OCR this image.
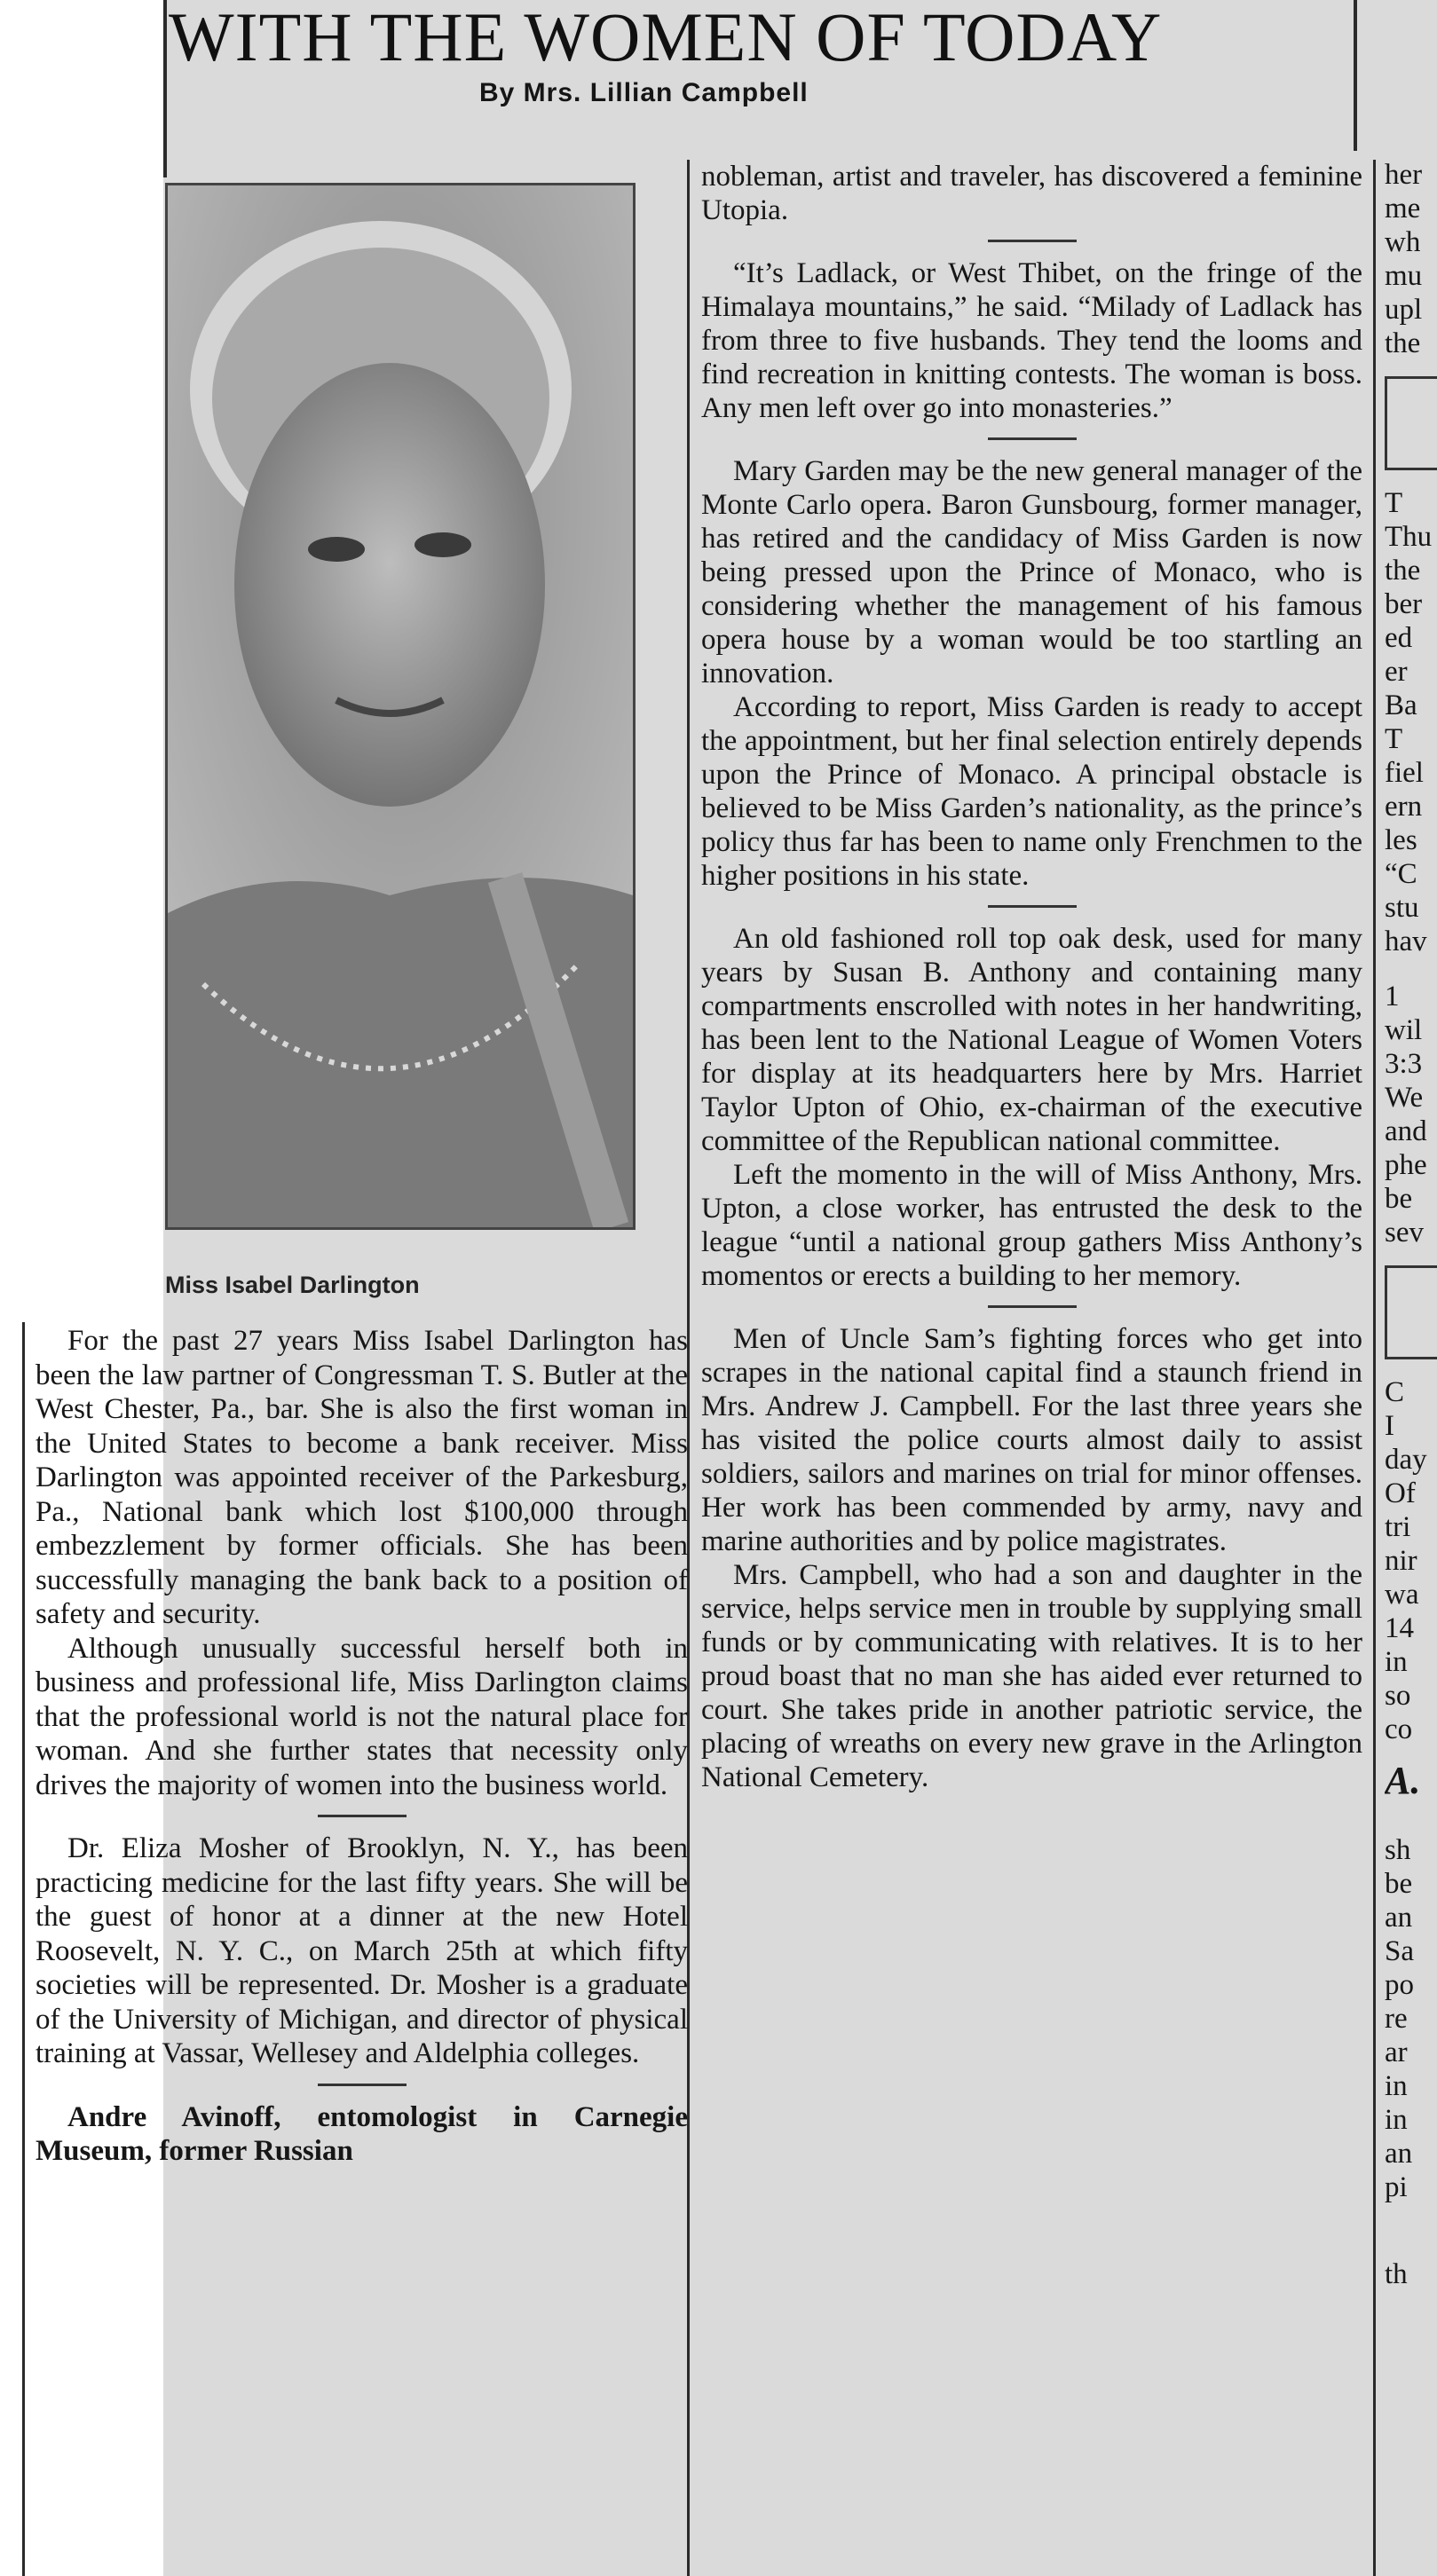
WITH THE WOMEN OF TODAY
By Mrs. Lillian Campbell
Miss Isabel Darlington

For the past 27 years Miss Isabel Darlington has been the law partner of Congressman T. S. Butler at the West Chester, Pa., bar. She is also the first woman in the United States to become a bank receiver. Miss Darlington was appointed receiver of the Parkesburg, Pa., National bank which lost $100,000 through embezzlement by former officials. She has been successfully managing the bank back to a position of safety and security.

Although unusually successful herself both in business and professional life, Miss Darlington claims that the professional world is not the natural place for woman. And she further states that necessity only drives the majority of women into the business world.

Dr. Eliza Mosher of Brooklyn, N. Y., has been practicing medicine for the last fifty years. She will be the guest of honor at a dinner at the new Hotel Roosevelt, N. Y. C., on March 25th at which fifty societies will be represented. Dr. Mosher is a graduate of the University of Michigan, and director of physical training at Vassar, Wellesey and Aldelphia colleges.

Andre Avinoff, entomologist in Carnegie Museum, former Russian

nobleman, artist and traveler, has discovered a feminine Utopia.

“It’s Ladlack, or West Thibet, on the fringe of the Himalaya mountains,” he said. “Milady of Ladlack has from three to five husbands. They tend the looms and find recreation in knitting contests. The woman is boss. Any men left over go into monasteries.”

Mary Garden may be the new general manager of the Monte Carlo opera. Baron Gunsbourg, former manager, has retired and the candidacy of Miss Garden is now being pressed upon the Prince of Monaco, who is considering whether the management of his famous opera house by a woman would be too startling an innovation.

According to report, Miss Garden is ready to accept the appointment, but her final selection entirely depends upon the Prince of Monaco. A principal obstacle is believed to be Miss Garden’s nationality, as the prince’s policy thus far has been to name only Frenchmen to the higher positions in his state.

An old fashioned roll top oak desk, used for many years by Susan B. Anthony and containing many compartments enscrolled with notes in her handwriting, has been lent to the National League of Women Voters for display at its headquarters here by Mrs. Harriet Taylor Upton of Ohio, ex-chairman of the executive committee of the Republican national committee.

Left the momento in the will of Miss Anthony, Mrs. Upton, a close worker, has entrusted the desk to the league “until a national group gathers Miss Anthony’s momentos or erects a building to her memory.

Men of Uncle Sam’s fighting forces who get into scrapes in the national capital find a staunch friend in Mrs. Andrew J. Campbell. For the last three years she has visited the police courts almost daily to assist soldiers, sailors and marines on trial for minor offenses. Her work has been commended by army, navy and marine authorities and by police magistrates.

Mrs. Campbell, who had a son and daughter in the service, helps service men in trouble by supplying small funds or by communicating with relatives. It is to her proud boast that no man she has aided ever returned to court. She takes pride in another patriotic service, the placing of wreaths on every new grave in the Arlington National Cemetery.

her
me
wh
mu
upl
the
T
Thu
the
ber
ed
er
Ba
T
fiel
ern
les
“C
stu
hav
1
wil
3:3
We
and
phe
be
sev
C
I
day
Of
tri
nir
wa
14
in
so
co
A.
sh
be
an
Sa
po
re
ar
in
in
an
pi
th
